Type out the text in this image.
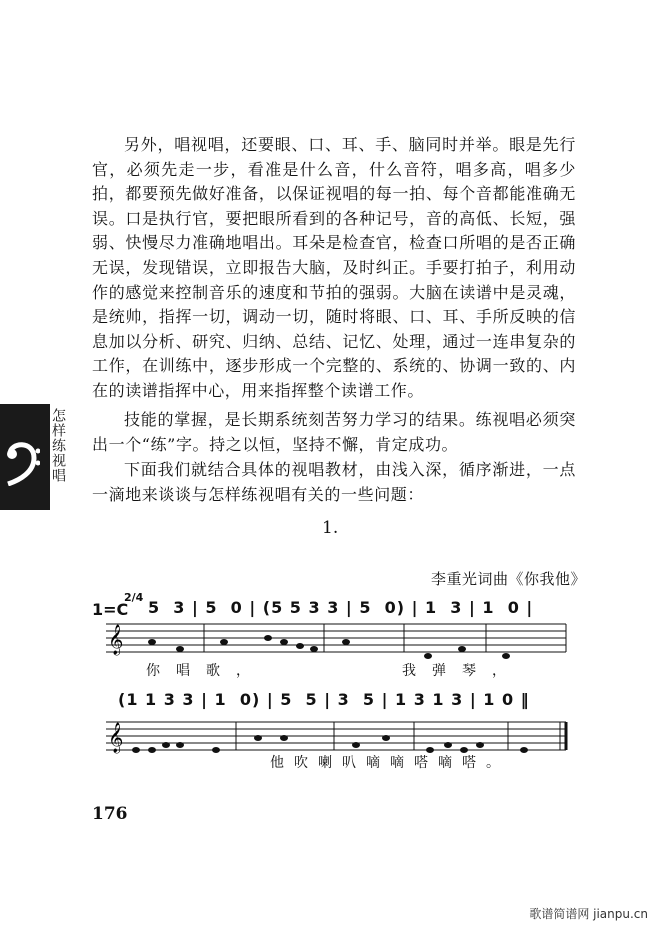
另外，唱视唱，还要眼、口、耳、手、脑同时并举。眼是先行官，必须先走一步，看准是什么音，什么音符，唱多高，唱多少拍，都要预先做好准备，以保证视唱的每一拍、每个音都能准确无误。口是执行官，要把眼所看到的各种记号，音的高低、长短，强弱、快慢尽力准确地唱出。耳朵是检查官，检查口所唱的是否正确无误，发现错误，立即报告大脑，及时纠正。手要打拍子，利用动作的感觉来控制音乐的速度和节拍的强弱。大脑在读谱中是灵魂，是统帅，指挥一切，调动一切，随时将眼、口、耳、手所反映的信息加以分析、研究、归纳、总结、记忆、处理，通过一连串复杂的工作，在训练中，逐步形成一个完整的、系统的、协调一致的、内在的读谱指挥中心，用来指挥整个读谱工作。

技能的掌握，是长期系统刻苦努力学习的结果。练视唱必须突出一个“练”字。持之以恒，坚持不懈，肯定成功。

下面我们就结合具体的视唱教材，由浅入深，循序渐进，一点一滴地来谈谈与怎样练视唱有关的一些问题：

怎样练视唱
1.
李重光词曲《你我他》
1=C
2/4
5  3 | 5  0 | (5 5 3 3 | 5  0) | 1  3 | 1  0 |
𝄞
你唱歌，	我弹琴，
(1 1 3 3 | 1  0) | 5  5 | 3  5 | 1 3 1 3 | 1 0 ‖
𝄞
他吹喇叭嘀嘀嗒嘀嗒。
176
歌谱简谱网 jianpu.cn
